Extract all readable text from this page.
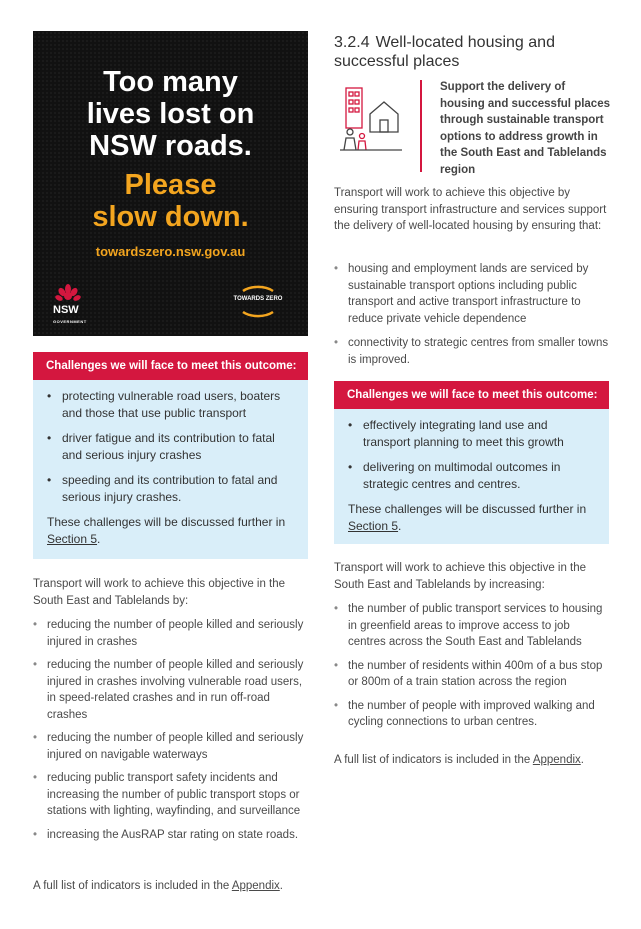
Too many
lives lost on
NSW roads.
Please
slow down.
towardszero.nsw.gov.au
NSW
GOVERNMENT
TOWARDS ZERO
Challenges we will face to meet this outcome:
• protecting vulnerable road users, boaters and those that use public transport
• driver fatigue and its contribution to fatal and serious injury crashes
• speeding and its contribution to fatal and serious injury crashes.

These challenges will be discussed further in Section 5.

Transport will work to achieve this objective in the South East and Tablelands by:
• reducing the number of people killed and seriously injured in crashes
• reducing the number of people killed and seriously injured in crashes involving vulnerable road users, in speed-related crashes and in run off-road crashes
• reducing the number of people killed and seriously injured on navigable waterways
• reducing public transport safety incidents and increasing the number of public transport stops or stations with lighting, wayfinding, and surveillance
• increasing the AusRAP star rating on state roads.
A full list of indicators is included in the Appendix.
3.2.4 Well-located housing and successful places
Support the delivery of housing and successful places through sustainable transport options to address growth in the South East and Tablelands region
Transport will work to achieve this objective by ensuring transport infrastructure and services support the delivery of well-located housing by ensuring that:
• housing and employment lands are serviced by sustainable transport options including public transport and active transport infrastructure to reduce private vehicle dependence
• connectivity to strategic centres from smaller towns is improved.
Challenges we will face to meet this outcome:
• effectively integrating land use and transport planning to meet this growth
• delivering on multimodal outcomes in strategic centres and centres.

These challenges will be discussed further in Section 5.

Transport will work to achieve this objective in the South East and Tablelands by increasing:
• the number of public transport services to housing in greenfield areas to improve access to job centres across the South East and Tablelands
• the number of residents within 400m of a bus stop or 800m of a train station across the region
• the number of people with improved walking and cycling connections to urban centres.
A full list of indicators is included in the Appendix.
